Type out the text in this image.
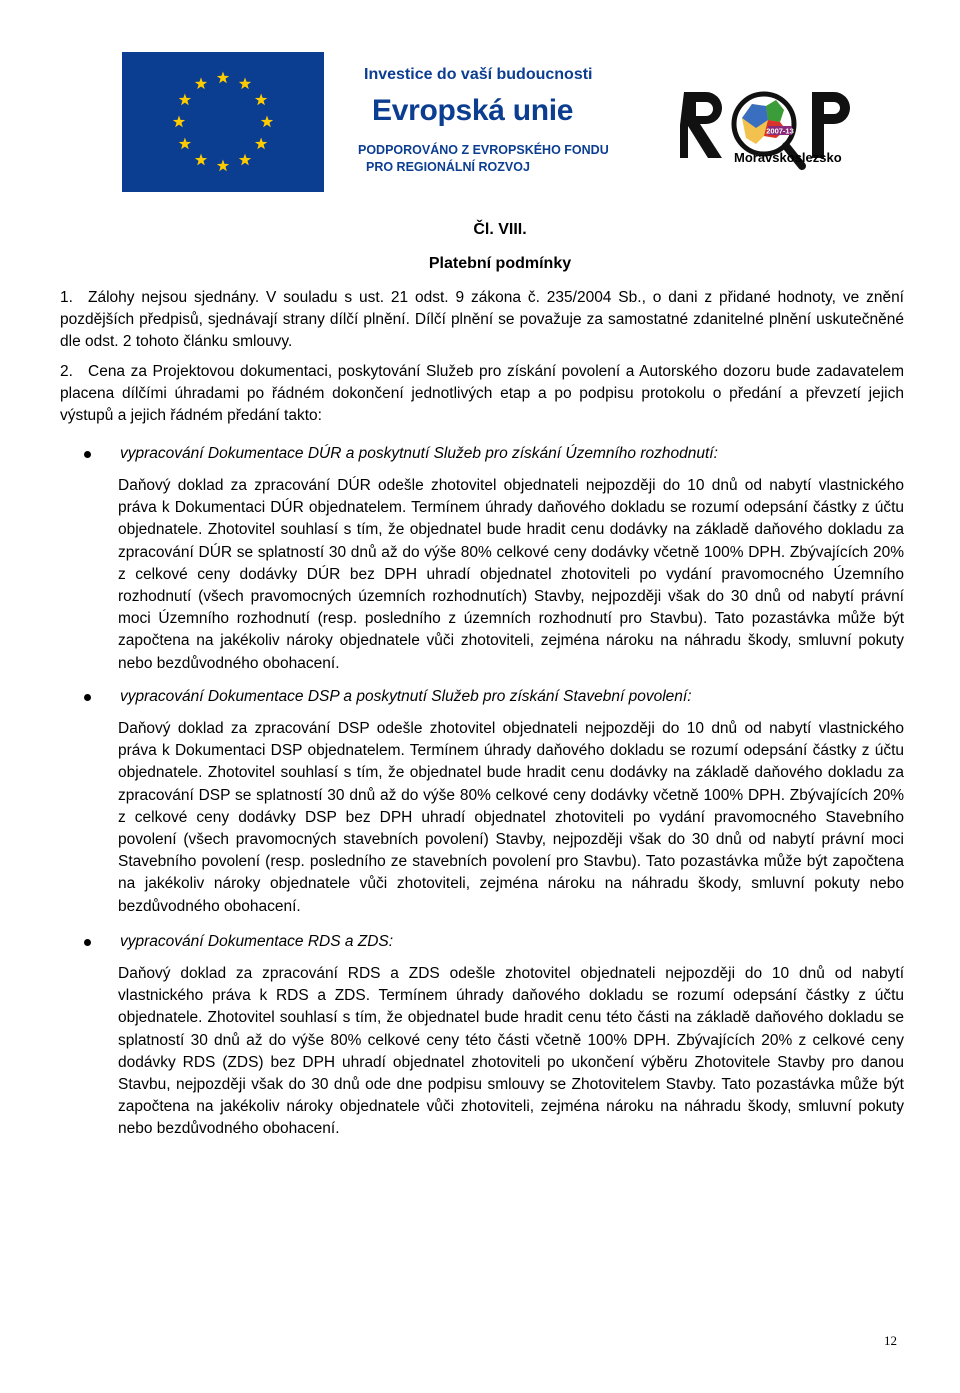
Investice do vaší budoucnosti
Evropská unie
PODPOROVÁNO Z EVROPSKÉHO FONDU
PRO REGIONÁLNÍ ROZVOJ
2007-13
Moravskoslezsko
Čl. VIII.
Platební podmínky
1. Zálohy nejsou sjednány. V souladu s ust. 21 odst. 9 zákona č. 235/2004 Sb., o dani z přidané hodnoty, ve znění pozdějších předpisů, sjednávají strany dílčí plnění. Dílčí plnění se považuje za samostatné zdanitelné plnění uskutečněné dle odst. 2 tohoto článku smlouvy.
2. Cena za Projektovou dokumentaci, poskytování Služeb pro získání povolení a Autorského dozoru bude zadavatelem placena dílčími úhradami po řádném dokončení jednotlivých etap a po podpisu protokolu o předání a převzetí jejich výstupů a jejich řádném předání takto:
vypracování Dokumentace DÚR a poskytnutí Služeb pro získání Územního rozhodnutí:
Daňový doklad za zpracování DÚR odešle zhotovitel objednateli nejpozději do 10 dnů od nabytí vlastnického práva k Dokumentaci DÚR objednatelem. Termínem úhrady daňového dokladu se rozumí odepsání částky z účtu objednatele. Zhotovitel souhlasí s tím, že objednatel bude hradit cenu dodávky na základě daňového dokladu za zpracování DÚR se splatností 30 dnů až do výše 80% celkové ceny dodávky včetně 100% DPH. Zbývajících 20% z celkové ceny dodávky DÚR bez DPH uhradí objednatel zhotoviteli po vydání pravomocného Územního rozhodnutí (všech pravomocných územních rozhodnutích) Stavby, nejpozději však do 30 dnů od nabytí právní moci Územního rozhodnutí (resp. posledního z územních rozhodnutí pro Stavbu). Tato pozastávka může být započtena na jakékoliv nároky objednatele vůči zhotoviteli, zejména nároku na náhradu škody, smluvní pokuty nebo bezdůvodného obohacení.
vypracování Dokumentace DSP a poskytnutí Služeb pro získání Stavební povolení:
Daňový doklad za zpracování DSP odešle zhotovitel objednateli nejpozději do 10 dnů od nabytí vlastnického práva k Dokumentaci DSP objednatelem. Termínem úhrady daňového dokladu se rozumí odepsání částky z účtu objednatele. Zhotovitel souhlasí s tím, že objednatel bude hradit cenu dodávky na základě daňového dokladu za zpracování DSP se splatností 30 dnů až do výše 80% celkové ceny dodávky včetně 100% DPH. Zbývajících 20% z celkové ceny dodávky DSP bez DPH uhradí objednatel zhotoviteli po vydání pravomocného Stavebního povolení (všech pravomocných stavebních povolení) Stavby, nejpozději však do 30 dnů od nabytí právní moci Stavebního povolení (resp. posledního ze stavebních povolení pro Stavbu). Tato pozastávka může být započtena na jakékoliv nároky objednatele vůči zhotoviteli, zejména nároku na náhradu škody, smluvní pokuty nebo bezdůvodného obohacení.
vypracování Dokumentace RDS a ZDS:
Daňový doklad za zpracování RDS a ZDS odešle zhotovitel objednateli nejpozději do 10 dnů od nabytí vlastnického práva k RDS a ZDS. Termínem úhrady daňového dokladu se rozumí odepsání částky z účtu objednatele. Zhotovitel souhlasí s tím, že objednatel bude hradit cenu této části na základě daňového dokladu se splatností 30 dnů až do výše 80% celkové ceny této části včetně 100% DPH. Zbývajících 20% z celkové ceny dodávky RDS (ZDS) bez DPH uhradí objednatel zhotoviteli po ukončení výběru Zhotovitele Stavby pro danou Stavbu, nejpozději však do 30 dnů ode dne podpisu smlouvy se Zhotovitelem Stavby. Tato pozastávka může být započtena na jakékoliv nároky objednatele vůči zhotoviteli, zejména nároku na náhradu škody, smluvní pokuty nebo bezdůvodného obohacení.
12
